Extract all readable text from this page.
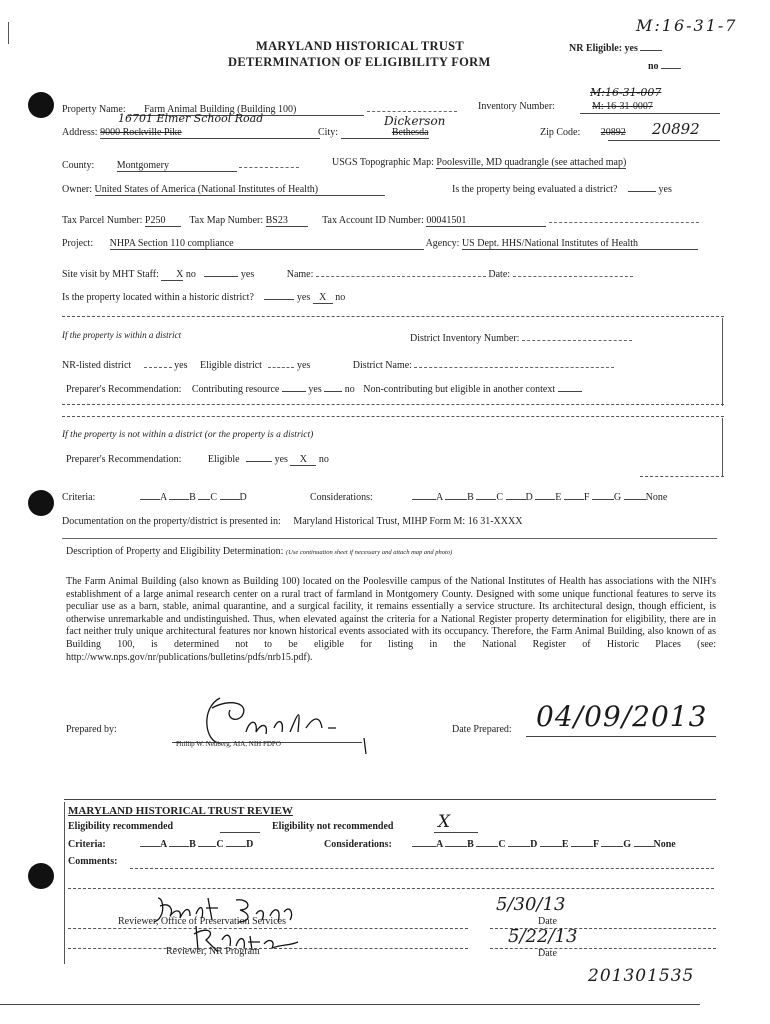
M:16-31-7
MARYLAND HISTORICAL TRUST
DETERMINATION OF ELIGIBILITY FORM
NR Eligible: yes
no
Property Name: Farm Animal Building (Building 100)	Inventory Number:
M:16-31-007
M: 16-31-0007
16701 Elmer School Road
Address: 9000 Rockville Pike	City:	Bethesda
Dickerson
Zip Code: 20892 20892
County: Montgomery	USGS Topographic Map: Poolesville, MD quadrangle (see attached map)
Owner: United States of America (National Institutes of Health)	Is the property being evaluated a district?	yes
Tax Parcel Number: P250 Tax Map Number: BS23	Tax Account ID Number: 00041501
Project: NHPA Section 110 compliance	Agency: US Dept. HHS/National Institutes of Health
Site visit by MHT Staff: X no	yes	Name:	Date:
Is the property located within a historic district?	yes X no
If the property is within a district	District Inventory Number:
NR-listed district	yes Eligible district	yes	District Name:
Preparer's Recommendation: Contributing resource	yes no Non-contributing but eligible in another context
If the property is not within a district (or the property is a district)
Preparer's Recommendation:	Eligible	yes X no
Criteria:	A B C D	Considerations:	A B C D E F G None
Documentation on the property/district is presented in: Maryland Historical Trust, MIHP Form M: 16 31-XXXX
Description of Property and Eligibility Determination: (Use continuation sheet if necessary and attach map and photo)
The Farm Animal Building (also known as Building 100) located on the Poolesville campus of the National Institutes of Health has associations with the NIH's establishment of a large animal research center on a rural tract of farmland in Montgomery County. Designed with some unique functional features to serve its peculiar use as a barn, stable, animal quarantine, and a surgical facility, it remains essentially a service structure. Its architectural design, though efficient, is otherwise unremarkable and undistinguished. Thus, when elevated against the criteria for a National Register property determination for eligibility, there are in fact neither truly unique architectural features nor known historical events associated with its occupancy. Therefore, the Farm Animal Building, also known of as Building 100, is determined not to be eligible for listing in the National Register of Historic Places (see: http://www.nps.gov/nr/publications/bulletins/pdfs/nrb15.pdf).
Prepared by:
Phillip W. Neuberg, AIA, NIH FDPO
Date Prepared: 04/09/2013
MARYLAND HISTORICAL TRUST REVIEW
Eligibility recommended	Eligibility not recommended	X
Criteria:	A B C D	Considerations:	A B C D E F G None
Comments:
Reviewer, Office of Preservation Services
5/30/13
Date
Reviewer, NR Program
5/22/13
Date
201301535
